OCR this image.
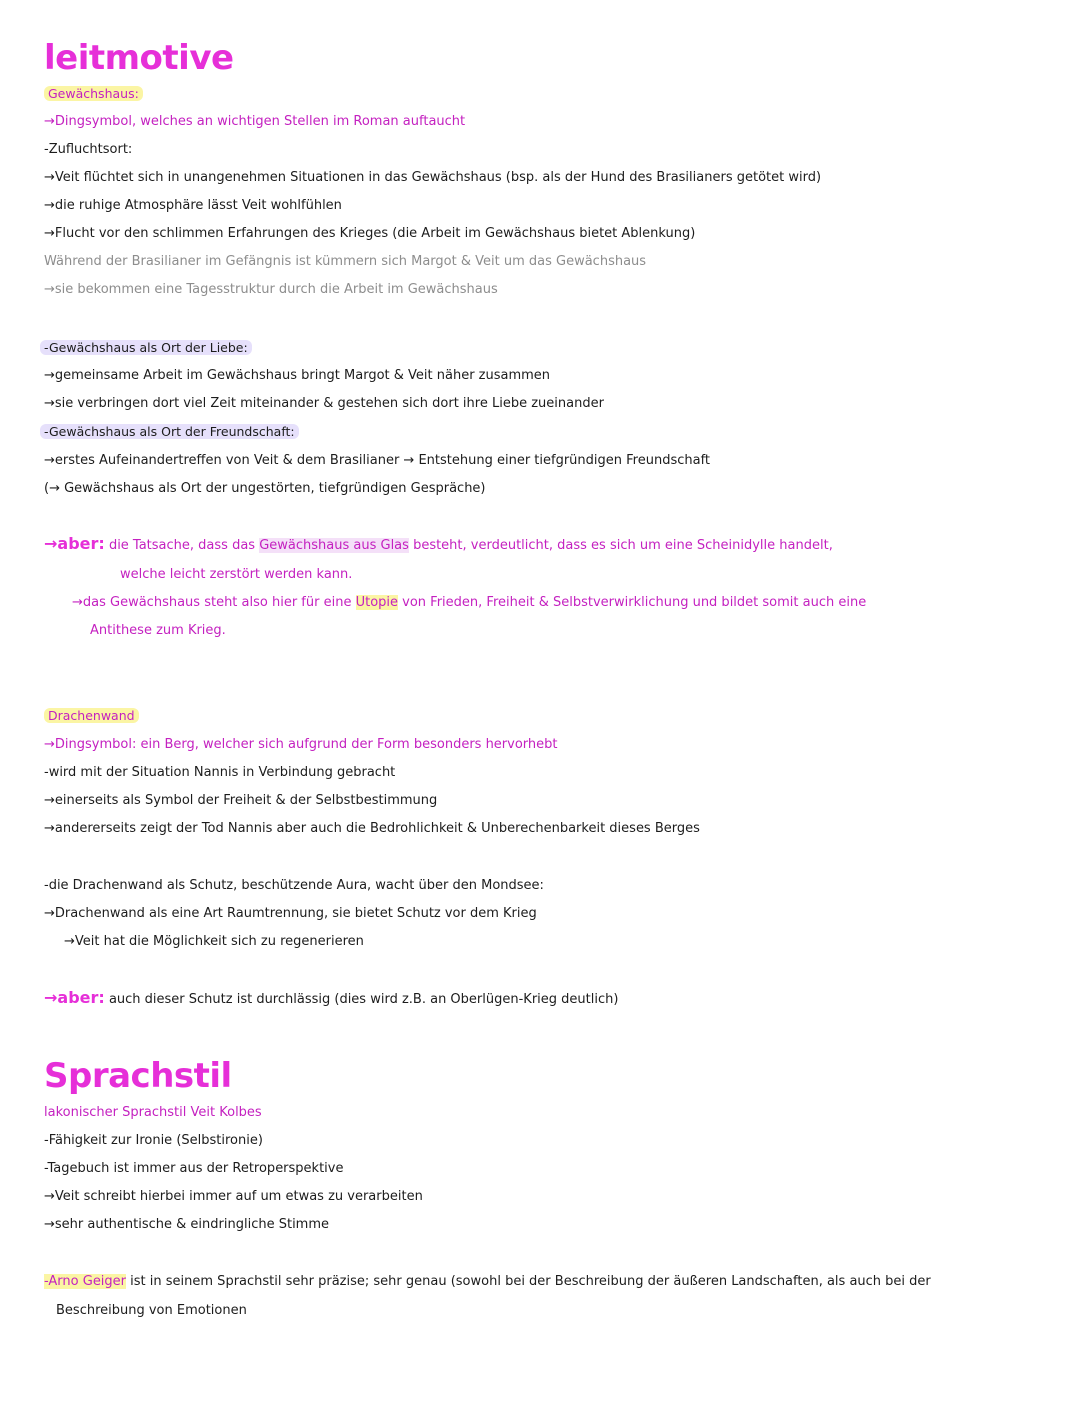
leitmotive
Gewächshaus:
→Dingsymbol, welches an wichtigen Stellen im Roman auftaucht
-Zufluchtsort:
→Veit flüchtet sich in unangenehmen Situationen in das Gewächshaus (bsp. als der Hund des Brasilianers getötet wird)
→die ruhige Atmosphäre lässt Veit wohlfühlen
→Flucht vor den schlimmen Erfahrungen des Krieges (die Arbeit im Gewächshaus bietet Ablenkung)
Während der Brasilianer im Gefängnis ist kümmern sich Margot & Veit um das Gewächshaus
→sie bekommen eine Tagesstruktur durch die Arbeit im Gewächshaus
-Gewächshaus als Ort der Liebe:
→gemeinsame Arbeit im Gewächshaus bringt Margot & Veit näher zusammen
→sie verbringen dort viel Zeit miteinander & gestehen sich dort ihre Liebe zueinander
-Gewächshaus als Ort der Freundschaft:
→erstes Aufeinandertreffen von Veit & dem Brasilianer → Entstehung einer tiefgründigen Freundschaft
(→ Gewächshaus als Ort der ungestörten, tiefgründigen Gespräche)
→aber: die Tatsache, dass das Gewächshaus aus Glas besteht, verdeutlicht, dass es sich um eine Scheinidylle handelt,
welche leicht zerstört werden kann.
→das Gewächshaus steht also hier für eine Utopie von Frieden, Freiheit & Selbstverwirklichung und bildet somit auch eine
Antithese zum Krieg.
Drachenwand
→Dingsymbol: ein Berg, welcher sich aufgrund der Form besonders hervorhebt
-wird mit der Situation Nannis in Verbindung gebracht
→einerseits als Symbol der Freiheit & der Selbstbestimmung
→andererseits zeigt der Tod Nannis aber auch die Bedrohlichkeit & Unberechenbarkeit dieses Berges
-die Drachenwand als Schutz, beschützende Aura, wacht über den Mondsee:
→Drachenwand als eine Art Raumtrennung, sie bietet Schutz vor dem Krieg
→Veit hat die Möglichkeit sich zu regenerieren
→aber: auch dieser Schutz ist durchlässig (dies wird z.B. an Oberlügen-Krieg deutlich)
Sprachstil
lakonischer Sprachstil Veit Kolbes
-Fähigkeit zur Ironie (Selbstironie)
-Tagebuch ist immer aus der Retroperspektive
→Veit schreibt hierbei immer auf um etwas zu verarbeiten
→sehr authentische & eindringliche Stimme
-Arno Geiger ist in seinem Sprachstil sehr präzise; sehr genau (sowohl bei der Beschreibung der äußeren Landschaften, als auch bei der
Beschreibung von Emotionen
